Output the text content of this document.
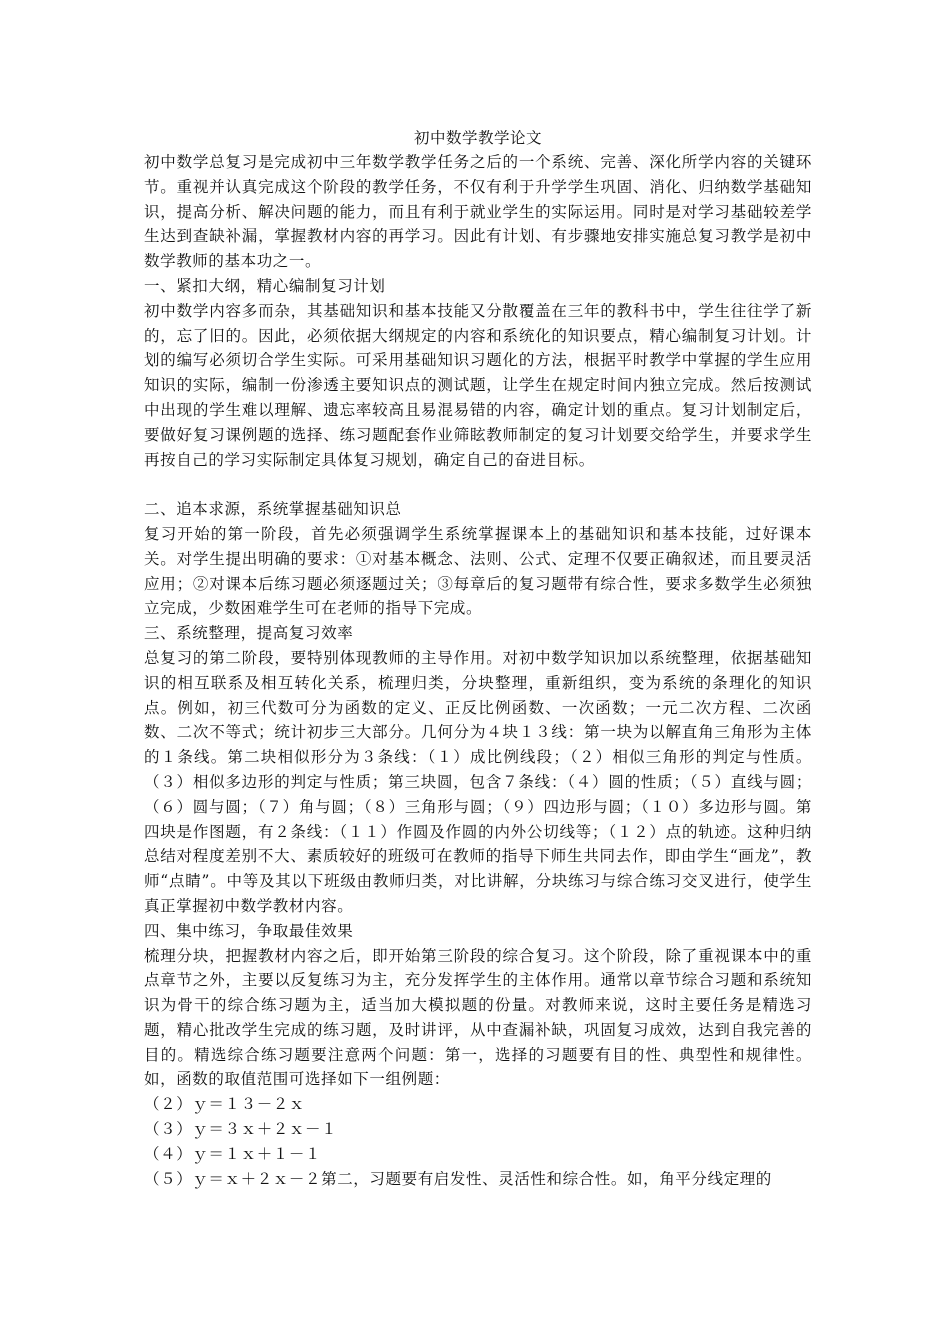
初中数学教学论文

初中数学总复习是完成初中三年数学教学任务之后的一个系统、完善、深化所学内容的关键环节。重视并认真完成这个阶段的教学任务，不仅有利于升学学生巩固、消化、归纳数学基础知识，提高分析、解决问题的能力，而且有利于就业学生的实际运用。同时是对学习基础较差学生达到查缺补漏，掌握教材内容的再学习。因此有计划、有步骤地安排实施总复习教学是初中数学教师的基本功之一。

一、紧扣大纲，精心编制复习计划

初中数学内容多而杂，其基础知识和基本技能又分散覆盖在三年的教科书中，学生往往学了新的，忘了旧的。因此，必须依据大纲规定的内容和系统化的知识要点，精心编制复习计划。计划的编写必须切合学生实际。可采用基础知识习题化的方法，根据平时教学中掌握的学生应用知识的实际，编制一份渗透主要知识点的测试题，让学生在规定时间内独立完成。然后按测试中出现的学生难以理解、遗忘率较高且易混易错的内容，确定计划的重点。复习计划制定后，要做好复习课例题的选择、练习题配套作业筛眩教师制定的复习计划要交给学生，并要求学生再按自己的学习实际制定具体复习规划，确定自己的奋进目标。

二、追本求源，系统掌握基础知识总

复习开始的第一阶段，首先必须强调学生系统掌握课本上的基础知识和基本技能，过好课本关。对学生提出明确的要求：①对基本概念、法则、公式、定理不仅要正确叙述，而且要灵活应用；②对课本后练习题必须逐题过关；③每章后的复习题带有综合性，要求多数学生必须独立完成，少数困难学生可在老师的指导下完成。

三、系统整理，提高复习效率

总复习的第二阶段，要特别体现教师的主导作用。对初中数学知识加以系统整理，依据基础知识的相互联系及相互转化关系，梳理归类，分块整理，重新组织，变为系统的条理化的知识点。例如，初三代数可分为函数的定义、正反比例函数、一次函数；一元二次方程、二次函数、二次不等式；统计初步三大部分。几何分为４块１３线：第一块为以解直角三角形为主体的１条线。第二块相似形分为３条线：（１）成比例线段；（２）相似三角形的判定与性质。（３）相似多边形的判定与性质；第三块圆，包含７条线：（４）圆的性质；（５）直线与圆；（６）圆与圆；（７）角与圆；（８）三角形与圆；（９）四边形与圆；（１０）多边形与圆。第四块是作图题，有２条线：（１１）作圆及作圆的内外公切线等；（１２）点的轨迹。这种归纳总结对程度差别不大、素质较好的班级可在教师的指导下师生共同去作，即由学生“画龙”，教师“点睛”。中等及其以下班级由教师归类，对比讲解，分块练习与综合练习交叉进行，使学生真正掌握初中数学教材内容。

四、集中练习，争取最佳效果

梳理分块，把握教材内容之后，即开始第三阶段的综合复习。这个阶段，除了重视课本中的重点章节之外，主要以反复练习为主，充分发挥学生的主体作用。通常以章节综合习题和系统知识为骨干的综合练习题为主，适当加大模拟题的份量。对教师来说，这时主要任务是精选习题，精心批改学生完成的练习题，及时讲评，从中查漏补缺，巩固复习成效，达到自我完善的目的。精选综合练习题要注意两个问题：第一，选择的习题要有目的性、典型性和规律性。如，函数的取值范围可选择如下一组例题：

（２）ｙ＝１３－２ｘ

（３）ｙ＝３ｘ＋２ｘ－１

（４）ｙ＝１ｘ＋１－１

（５）ｙ＝ｘ＋２ｘ－２第二，习题要有启发性、灵活性和综合性。如，角平分线定理的
